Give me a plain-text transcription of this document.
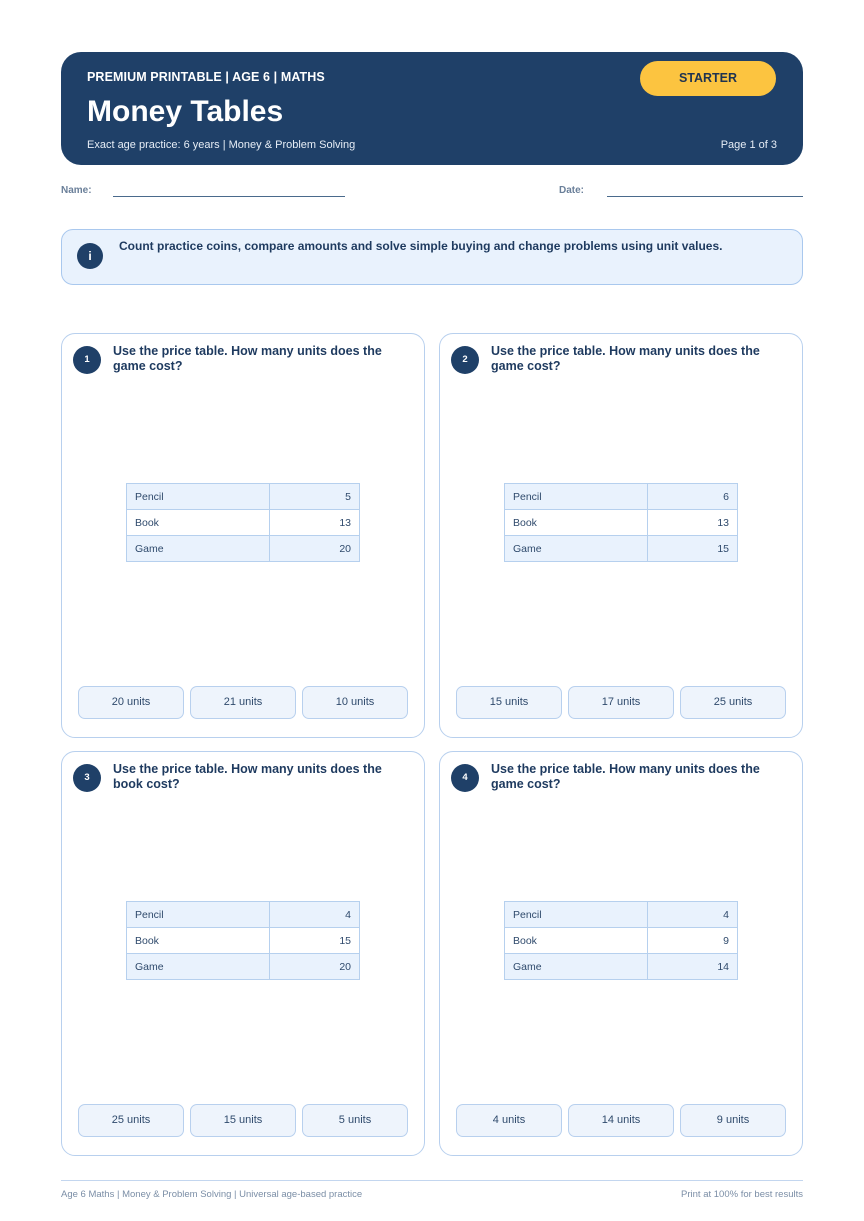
PREMIUM PRINTABLE | AGE 6 | MATHS
Money Tables
Exact age practice: 6 years | Money & Problem Solving	Page 1 of 3
STARTER
Name:	Date:
i
Count practice coins, compare amounts and solve simple buying and change problems using unit values.
1
Use the price table. How many units does the game cost?
Pencil	5
Book	13
Game	20
20 units	21 units	10 units
2
Use the price table. How many units does the game cost?
Pencil	6
Book	13
Game	15
15 units	17 units	25 units
3
Use the price table. How many units does the book cost?
Pencil	4
Book	15
Game	20
25 units	15 units	5 units
4
Use the price table. How many units does the game cost?
Pencil	4
Book	9
Game	14
4 units	14 units	9 units
Age 6 Maths | Money & Problem Solving | Universal age-based practice	Print at 100% for best results
